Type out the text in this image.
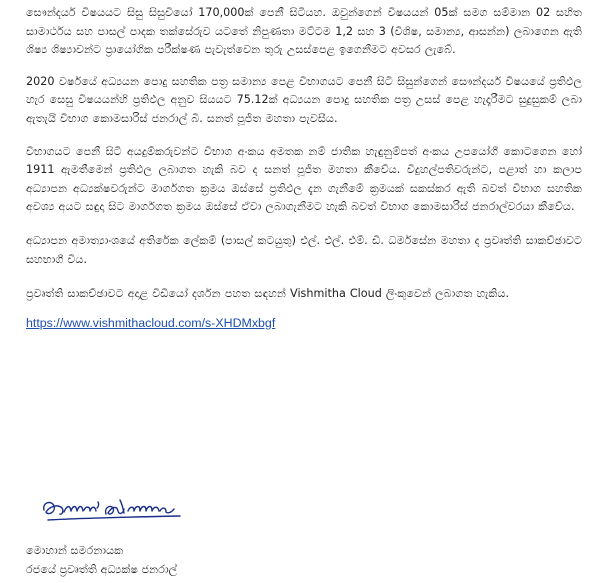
සෞන්දර්ය විෂයයට සිසු සිසුවියෝ 170,000ක් පෙනී සිටියහ. ඔවුන්ගෙන් විෂයයන් 05ක් සමග සම්මාන 02 සහිත සාමාර්ථය සහ පාසල් පාදක තක්සේරුව යටතේ නිපුණතා මට්ටම 1,2 සහ 3 (විශිෂ, සමාන්‍ය, ආසන්න) ලබාගෙන ඇති ශිෂ්‍ය ශිෂ්‍යාවන්ට ප්‍රායෝගික පරීක්ෂණ පැවැත්වෙන තුරු උසස්පෙළ ඉගෙනීමට අවසර ලැබේ.

2020 වර්ෂයේ අධ්‍යයන පොදු සහතික පත්‍ර සමාන්‍ය පෙළ විභාගයට පෙනී සිටි සිසුන්ගෙන් සෞන්දර්ය විෂයයේ ප්‍රතිඵල හැර සෙසු විෂයයන්හි ප්‍රතිඵල අනුව සියයට 75.12ක් අධ්‍යයන පොදු සහතික පත්‍ර උසස් පෙළ හැදෑරීමට සුදුසුකම් ලබා ඇතැයි විභාග කොමසාරිස් ජනරාල් බී. සනත් පූජිත මහතා පැවසීය.

විභාගයට පෙනී සිටි අයදුම්කරුවන්ට විභාග අංකය අමතක නම් ජාතික හැඳුනුම්පත් අංකය උපයෝගී කොටගෙන හෝ 1911 ඇමතීමෙන් ප්‍රතිඵල ලබාගත හැකි බව ද සනත් පූජිත මහතා කීවේය. විදුහල්පතිවරුන්ට, පළාත් හා කලාප අධ්‍යාපන අධ්‍යක්ෂවරුන්ට මාර්ගගත ක්‍රමය ඔස්සේ ප්‍රතිඵල දැන ගැනීමේ ක්‍රමයක් සකස්කර ඇති බවත් විභාග සහතික අවශ්‍ය අයට සඳුදා සිට මාර්ගගත ක්‍රමය ඔස්සේ ඒවා ලබාගැනීමට හැකි බවත් විභාග කොමසාරිස් ජනරාල්වරයා කීවේය.

අධ්‍යාපන අමාත්‍යාංශයේ අතිරේක ලේකම් (පාසල් කටයුතු) එල්. එල්. එම්. ඩී. ධර්මසේන මහතා ද ප්‍රවෘත්ති සාකච්ඡාවට සහභාගී විය.

ප්‍රවෘත්ති සාකච්ඡාවට අදාළ වීඩියෝ දර්ශන පහත සඳහන් Vishmitha Cloud ලිංකුවෙන් ලබාගත හැකිය.

https://www.vishmithacloud.com/s-XHDMxbgf

මොහාන් සමරනායක

රජයේ ප්‍රවෘත්ති අධ්‍යක්ෂ ජනරාල්
